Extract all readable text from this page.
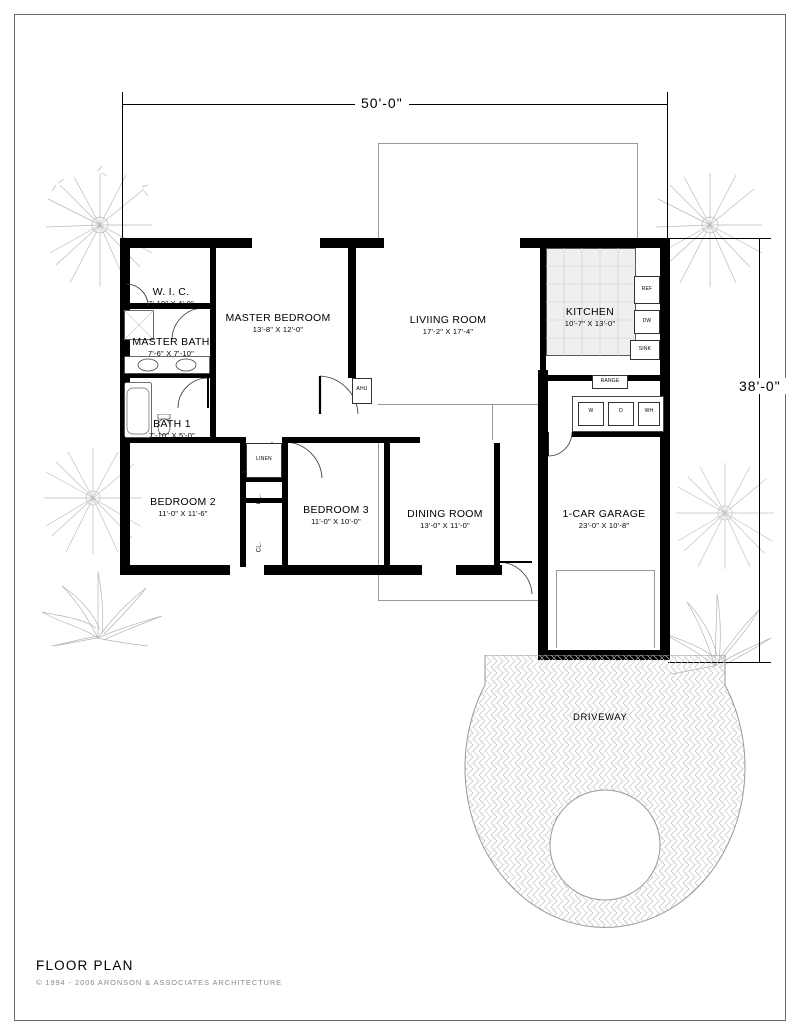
50'-0"
38'-0"
REF
DW
SINK
RANGE
W	D	WH
AHU
LINEN
CL.
CL.
W. I. C.
7'-10" X 4'-0"
MASTER BEDROOM
13'-8" X 12'-0"
MASTER BATH
7'-6" X 7'-10"
BATH 1
7'-10" X 5'-0"
LIVIING ROOM
17'-2" X 17'-4"
KITCHEN
10'-7" X 13'-0"
BEDROOM 2
11'-0" X 11'-6"	BEDROOM 3
11'-0" X 10'-0"
DINING ROOM
13'-0" X 11'-0"
1-CAR GARAGE
23'-0" X 10'-8"
DRIVEWAY
FLOOR PLAN
© 1994 - 2006 ARONSON & ASSOCIATES ARCHITECTURE
